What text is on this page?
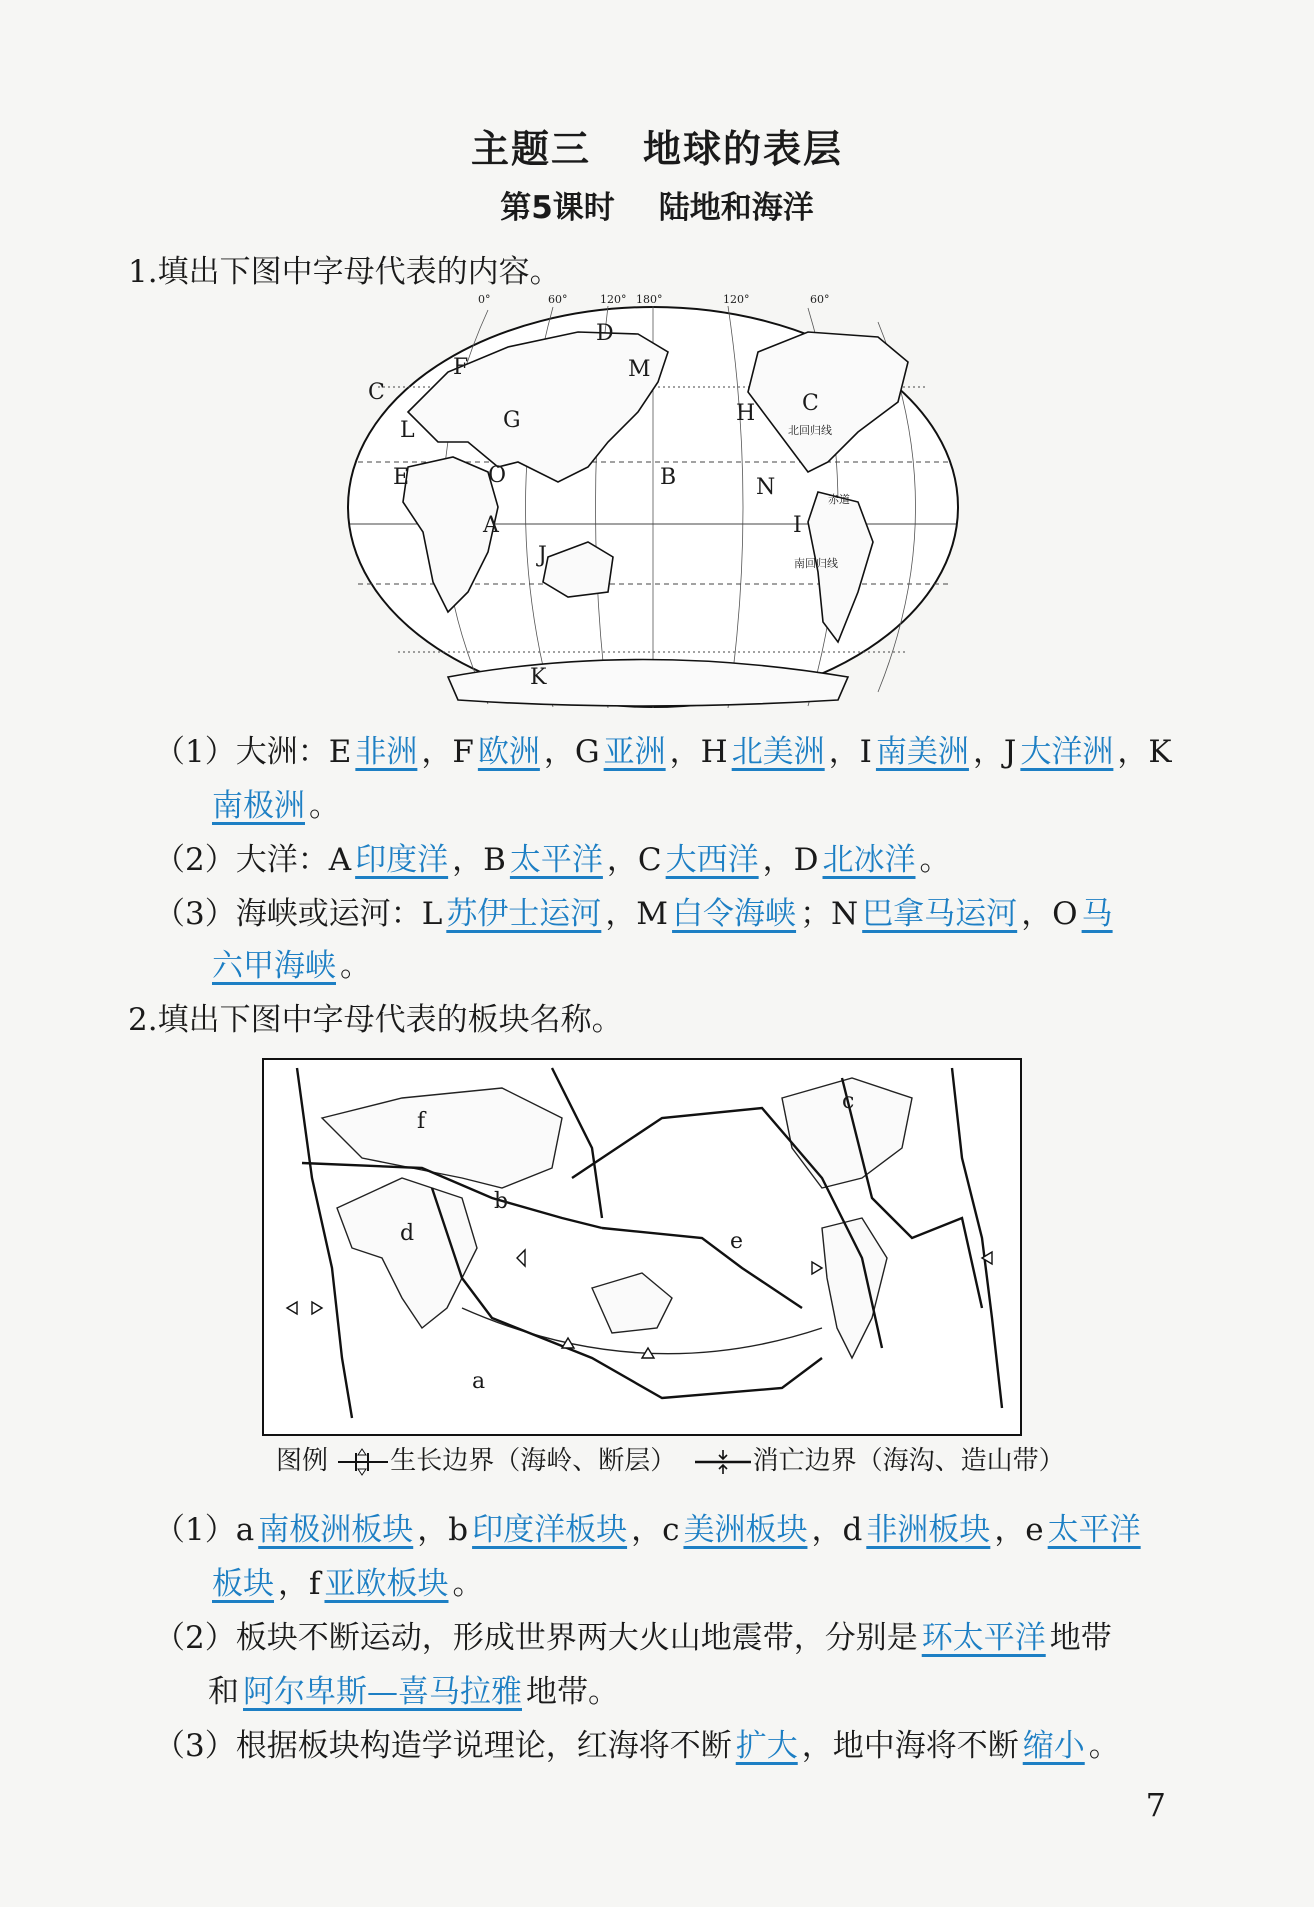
主题三 地球的表层
第5课时 陆地和海洋
1.填出下图中字母代表的内容。
0°	60°	120° 180°	120°	60°
C
F
D
M
G
L
H C
E	O	B	N
A	I
J
K
北回归线
赤道
南回归线
（1）大洲：E 非洲 ，F 欧洲 ，G 亚洲 ，H 北美洲 ，I 南美洲 ，J 大洋洲 ，K
南极洲 。
（2）大洋：A 印度洋 ，B 太平洋 ，C 大西洋 ，D 北冰洋 。
（3）海峡或运河：L 苏伊士运河 ，M 白令海峡 ；N 巴拿马运河 ，O 马
六甲海峡 。
2.填出下图中字母代表的板块名称。
f
c
b
d	e
a
图例 生长边界（海岭、断层）	消亡边界（海沟、造山带）
（1）a 南极洲板块 ，b 印度洋板块 ，c 美洲板块 ，d 非洲板块 ，e 太平洋
板块 ，f 亚欧板块 。
（2）板块不断运动，形成世界两大火山地震带，分别是 环太平洋 地带
和 阿尔卑斯—喜马拉雅 地带。
（3）根据板块构造学说理论，红海将不断 扩大 ，地中海将不断 缩小 。
7
